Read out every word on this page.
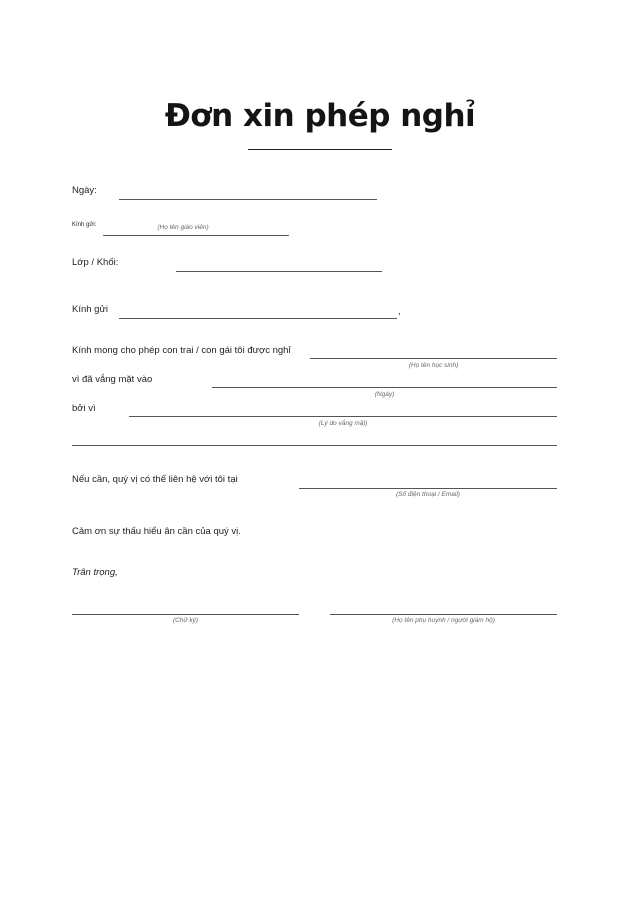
Đơn xin phép nghỉ
Ngày:
Kính gửi:	(Họ tên giáo viên)
Lớp / Khối:
Kính gửi	,
Kính mong cho phép con trai / con gái tôi được nghỉ
(Họ tên học sinh)
vì đã vắng mặt vào
(Ngày)
bởi vì
(Lý do vắng mặt)
Nếu cần, quý vị có thể liên hệ với tôi tại
(Số điện thoại / Email)
Cảm ơn sự thấu hiểu ân cần của quý vị.
Trân trọng,
(Chữ ký)	(Họ tên phụ huynh / người giám hộ)
